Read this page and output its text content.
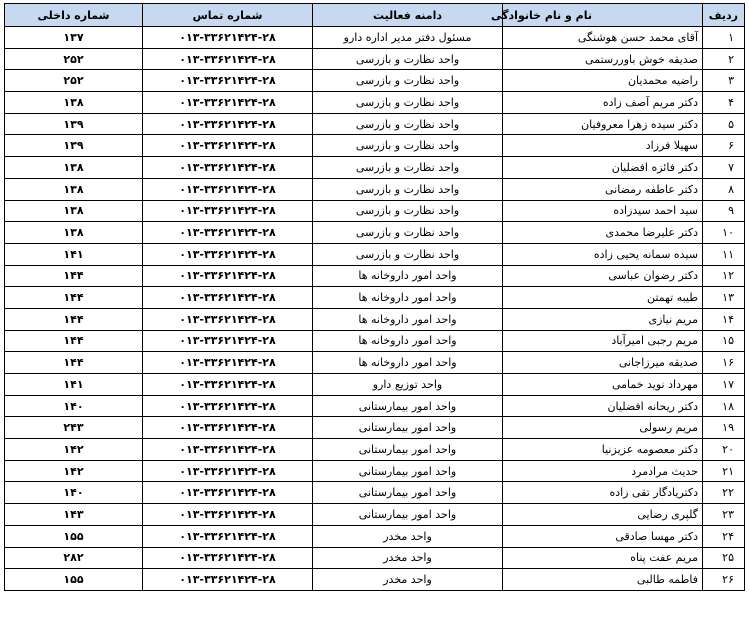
ردیف	نام و نام خانوادگی	دامنه فعالیت	شماره تماس	شماره داخلی
۱	آقای محمد حسن هوشنگی	مسئول دفتر مدیر اداره دارو	۰۱۳-۳۳۶۲۱۴۲۴-۲۸	۱۳۷
۲	صدیقه خوش باوررستمی	واحد نظارت و بازرسی	۰۱۳-۳۳۶۲۱۴۲۴-۲۸	۲۵۲
۳	راضیه محمدیان	واحد نظارت و بازرسی	۰۱۳-۳۳۶۲۱۴۲۴-۲۸	۲۵۲
۴	دکتر مریم آصف زاده	واحد نظارت و بازرسی	۰۱۳-۳۳۶۲۱۴۲۴-۲۸	۱۳۸
۵	دکتر سیده زهرا معروفیان	واحد نظارت و بازرسی	۰۱۳-۳۳۶۲۱۴۲۴-۲۸	۱۳۹
۶	سهیلا فرزاد	واحد نظارت و بازرسی	۰۱۳-۳۳۶۲۱۴۲۴-۲۸	۱۳۹
۷	دکتر فائزه افضلیان	واحد نظارت و بازرسی	۰۱۳-۳۳۶۲۱۴۲۴-۲۸	۱۳۸
۸	دکتر عاطفه رمضانی	واحد نظارت و بازرسی	۰۱۳-۳۳۶۲۱۴۲۴-۲۸	۱۳۸
۹	سید احمد سیدزاده	واحد نظارت و بازرسی	۰۱۳-۳۳۶۲۱۴۲۴-۲۸	۱۳۸
۱۰	دکتر علیرضا محمدی	واحد نظارت و بازرسی	۰۱۳-۳۳۶۲۱۴۲۴-۲۸	۱۳۸
۱۱	سیده سمانه یحیی زاده	واحد نظارت و بازرسی	۰۱۳-۳۳۶۲۱۴۲۴-۲۸	۱۴۱
۱۲	دکتر رضوان عباسی	واحد امور داروخانه ها	۰۱۳-۳۳۶۲۱۴۲۴-۲۸	۱۴۴
۱۳	طیبه تهمتن	واحد امور داروخانه ها	۰۱۳-۳۳۶۲۱۴۲۴-۲۸	۱۴۴
۱۴	مریم نیازی	واحد امور داروخانه ها	۰۱۳-۳۳۶۲۱۴۲۴-۲۸	۱۴۴
۱۵	مریم رجبی امیرآباد	واحد امور داروخانه ها	۰۱۳-۳۳۶۲۱۴۲۴-۲۸	۱۴۴
۱۶	صدیقه میرزاجانی	واحد امور داروخانه ها	۰۱۳-۳۳۶۲۱۴۲۴-۲۸	۱۴۴
۱۷	مهرداد نوید خمامی	واحد توزیع دارو	۰۱۳-۳۳۶۲۱۴۲۴-۲۸	۱۴۱
۱۸	دکتر ریحانه افضلیان	واحد امور بیمارستانی	۰۱۳-۳۳۶۲۱۴۲۴-۲۸	۱۴۰
۱۹	مریم رسولی	واحد امور بیمارستانی	۰۱۳-۳۳۶۲۱۴۲۴-۲۸	۲۴۳
۲۰	دکتر معصومه عزیزنیا	واحد امور بیمارستانی	۰۱۳-۳۳۶۲۱۴۲۴-۲۸	۱۴۲
۲۱	حدیث مرادمرد	واحد امور بیمارستانی	۰۱۳-۳۳۶۲۱۴۲۴-۲۸	۱۴۲
۲۲	دکتریادگار تقی زاده	واحد امور بیمارستانی	۰۱۳-۳۳۶۲۱۴۲۴-۲۸	۱۴۰
۲۳	گلپری رضایی	واحد امور بیمارستانی	۰۱۳-۳۳۶۲۱۴۲۴-۲۸	۱۴۳
۲۴	دکتر مهسا صادقی	واحد مخدر	۰۱۳-۳۳۶۲۱۴۲۴-۲۸	۱۵۵
۲۵	مریم عفت پناه	واحد مخدر	۰۱۳-۳۳۶۲۱۴۲۴-۲۸	۲۸۲
۲۶	فاطمه طالبی	واحد مخدر	۰۱۳-۳۳۶۲۱۴۲۴-۲۸	۱۵۵
